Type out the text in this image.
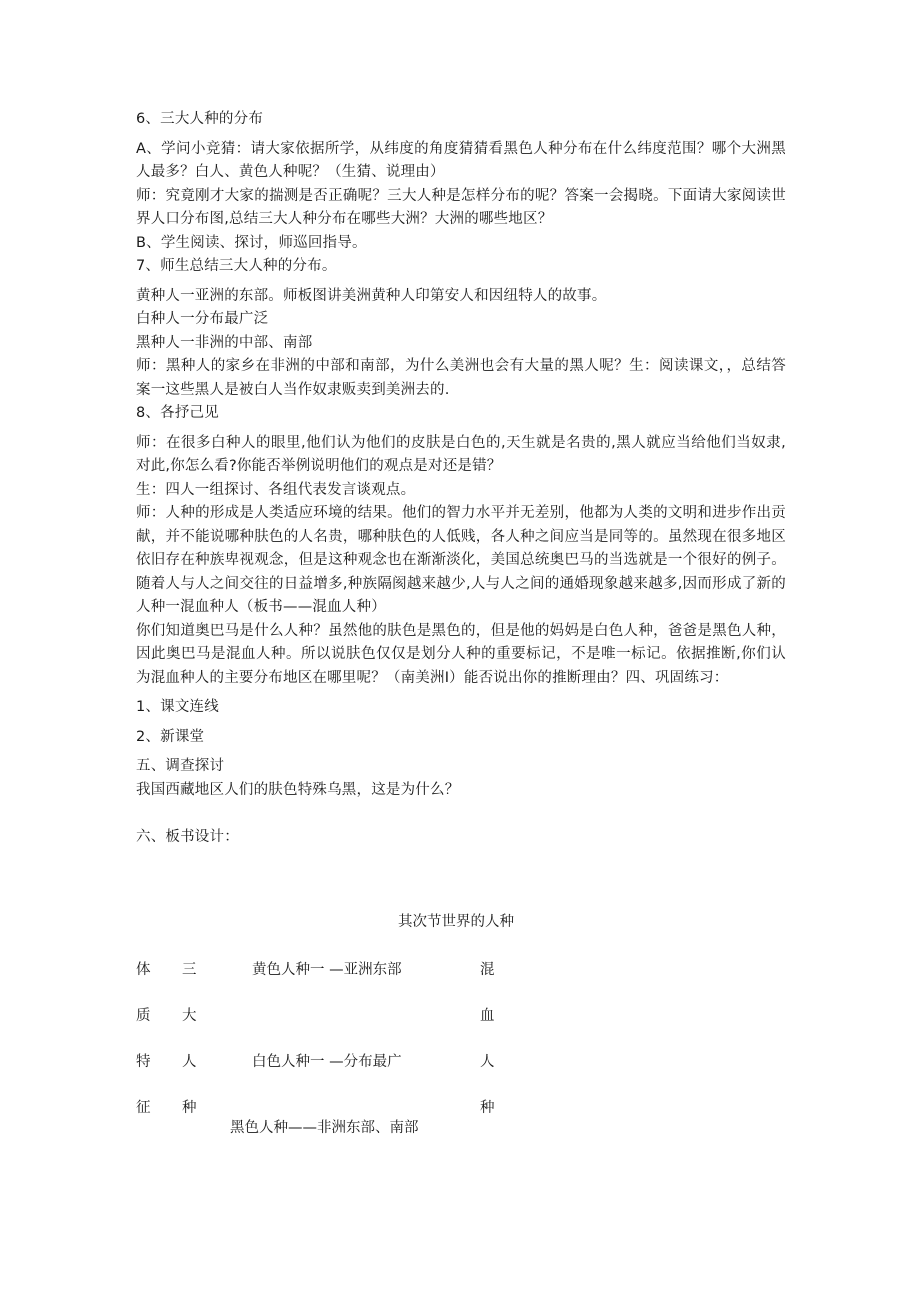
6、三大人种的分布

A、学问小竞猜：请大家依据所学，从纬度的角度猜猜看黑色人种分布在什么纬度范围？哪个大洲黑人最多？白人、黄色人种呢？（生猜、说理由）

师：究竟刚才大家的揣测是否正确呢？三大人种是怎样分布的呢？答案一会揭晓。下面请大家阅读世界人口分布图,总结三大人种分布在哪些大洲？大洲的哪些地区？

B、学生阅读、探讨，师巡回指导。

7、师生总结三大人种的分布。

黄种人一亚洲的东部。师板图讲美洲黄种人印第安人和因纽特人的故事。

白种人一分布最广泛

黑种人一非洲的中部、南部

师：黑种人的家乡在非洲的中部和南部，为什么美洲也会有大量的黑人呢？生：阅读课文，，总结答案一这些黑人是被白人当作奴隶贩卖到美洲去的.

8、各抒己见

师：在很多白种人的眼里,他们认为他们的皮肤是白色的,天生就是名贵的,黑人就应当给他们当奴隶,对此,你怎么看?你能否举例说明他们的观点是对还是错？

生：四人一组探讨、各组代表发言谈观点。

师：人种的形成是人类适应环境的结果。他们的智力水平并无差别，他都为人类的文明和进步作出贡献，并不能说哪种肤色的人名贵，哪种肤色的人低贱，各人种之间应当是同等的。虽然现在很多地区依旧存在种族卑视观念，但是这种观念也在渐渐淡化，美国总统奥巴马的当选就是一个很好的例子。随着人与人之间交往的日益增多,种族隔阂越来越少,人与人之间的通婚现象越来越多,因而形成了新的人种一混血种人（板书——混血人种）

你们知道奥巴马是什么人种？虽然他的肤色是黑色的，但是他的妈妈是白色人种，爸爸是黑色人种，因此奥巴马是混血人种。所以说肤色仅仅是划分人种的重要标记，不是唯一标记。依据推断,你们认为混血种人的主要分布地区在哪里呢？（南美洲I）能否说出你的推断理由？四、巩固练习：

1、课文连线

2、新课堂

五、调查探讨

我国西藏地区人们的肤色特殊乌黑，这是为什么？

六、板书设计：

其次节世界的人种
体
质
特
征
三
大
人
种
黄色人种一 —亚洲东部
白色人种一 —分布最广
黑色人种——非洲东部、南部
混
血
人
种
